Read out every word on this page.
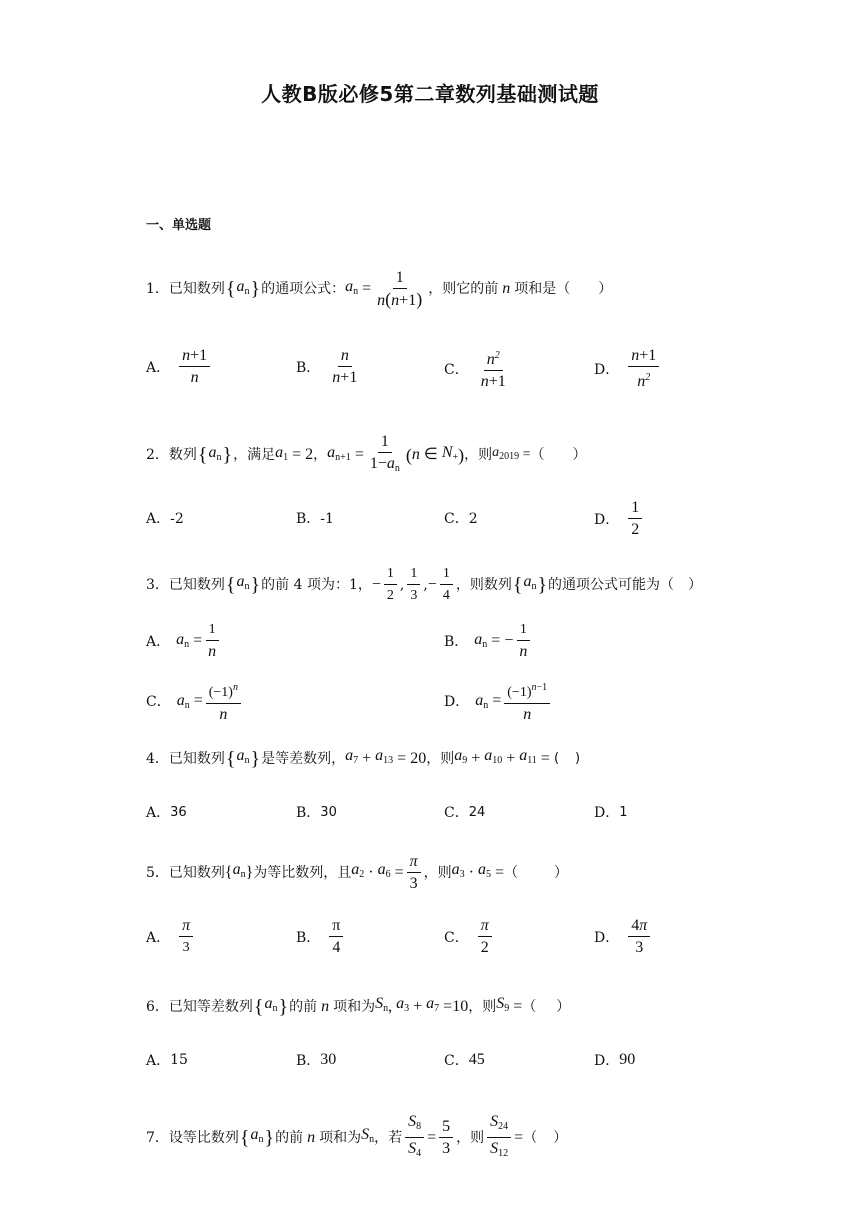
人教B版必修5第二章数列基础测试题
一、单选题
1． 已知数列 { $a_n$ } 的通项公式： $a_n = \frac{1}{n(n+1)}$ ，则它的前 n 项和是（ ）
A． $\frac{n+1}{n}$	B． $\frac{n}{n+1}$	C． $\frac{n^2}{n+1}$	D． $\frac{n+1}{n^2}$
2． 数列 { $a_n$ } ，满足 $a_1 = 2$ ， $a_{n+1} = \frac{1}{1-a_n}$ ( n ∈ $N_+$ ) ，则 $a_{2019}$ = （ ）
A．-2	B．-1	C．2	D． $\frac{1}{2}$
3． 已知数列 { $a_n$ } 的前 4 项为：1， − $\frac{1}{2}$ , $\frac{1}{3}$ , − $\frac{1}{4}$ ，则数列 { $a_n$ } 的通项公式可能为（ ）
A． $a_n = \frac{1}{n}$	B． $a_n$ = − $\frac{1}{n}$
C． $a_n = \frac{(-1)^n}{n}$	D． $a_n = \frac{(-1)^{n-1}}{n}$
4． 已知数列 { $a_n$ } 是等差数列， $a_7 + a_{13} = 20$ ，则 $a_9 + a_{10} + a_{11}$ = ( )
A． 36	B． 30	C． 24	D． 1
5． 已知数列 { $a_n$ } 为等比数列，且 $a_2 \cdot a_6 = \frac{\pi}{3}$ ，则 $a_3 \cdot a_5$ = （	）
A． $\frac{\pi}{3}$	B． $\frac{\pi}{4}$	C． $\frac{\pi}{2}$	D． $\frac{4\pi}{3}$
6． 已知等差数列 { $a_n$ } 的前 n 项和为 $S_n$ , $a_3 + a_7 =10$ ，则 $S_9$ = （ ）
A． 15	B． 30	C． 45	D． 90
7． 设等比数列 { $a_n$ } 的前 n 项和为 $S_n$ ，若 $\frac{S_8}{S_4} = \frac{5}{3}$ ，则 $\frac{S_{24}}{S_{12}}$ = （ ）
